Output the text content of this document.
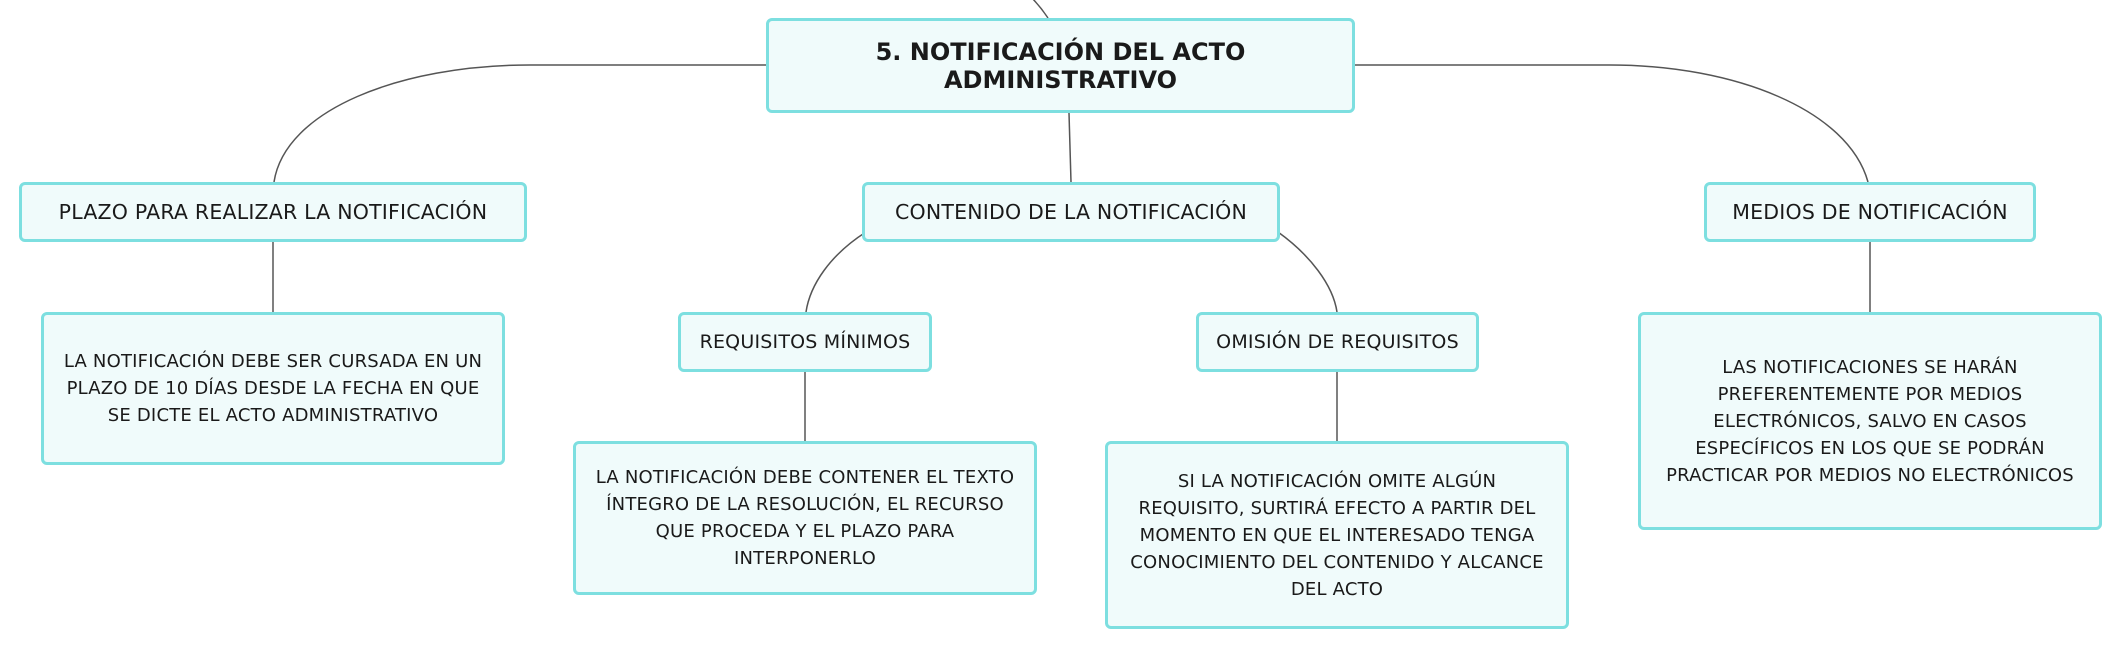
5. NOTIFICACIÓN DEL ACTO ADMINISTRATIVO
PLAZO PARA REALIZAR LA NOTIFICACIÓN	CONTENIDO DE LA NOTIFICACIÓN	MEDIOS DE NOTIFICACIÓN
LA NOTIFICACIÓN DEBE SER CURSADA EN UN PLAZO DE 10 DÍAS DESDE LA FECHA EN QUE SE DICTE EL ACTO ADMINISTRATIVO
REQUISITOS MÍNIMOS	OMISIÓN DE REQUISITOS
LA NOTIFICACIÓN DEBE CONTENER EL TEXTO ÍNTEGRO DE LA RESOLUCIÓN, EL RECURSO QUE PROCEDA Y EL PLAZO PARA INTERPONERLO
SI LA NOTIFICACIÓN OMITE ALGÚN REQUISITO, SURTIRÁ EFECTO A PARTIR DEL MOMENTO EN QUE EL INTERESADO TENGA CONOCIMIENTO DEL CONTENIDO Y ALCANCE DEL ACTO
LAS NOTIFICACIONES SE HARÁN PREFERENTEMENTE POR MEDIOS ELECTRÓNICOS, SALVO EN CASOS ESPECÍFICOS EN LOS QUE SE PODRÁN PRACTICAR POR MEDIOS NO ELECTRÓNICOS
